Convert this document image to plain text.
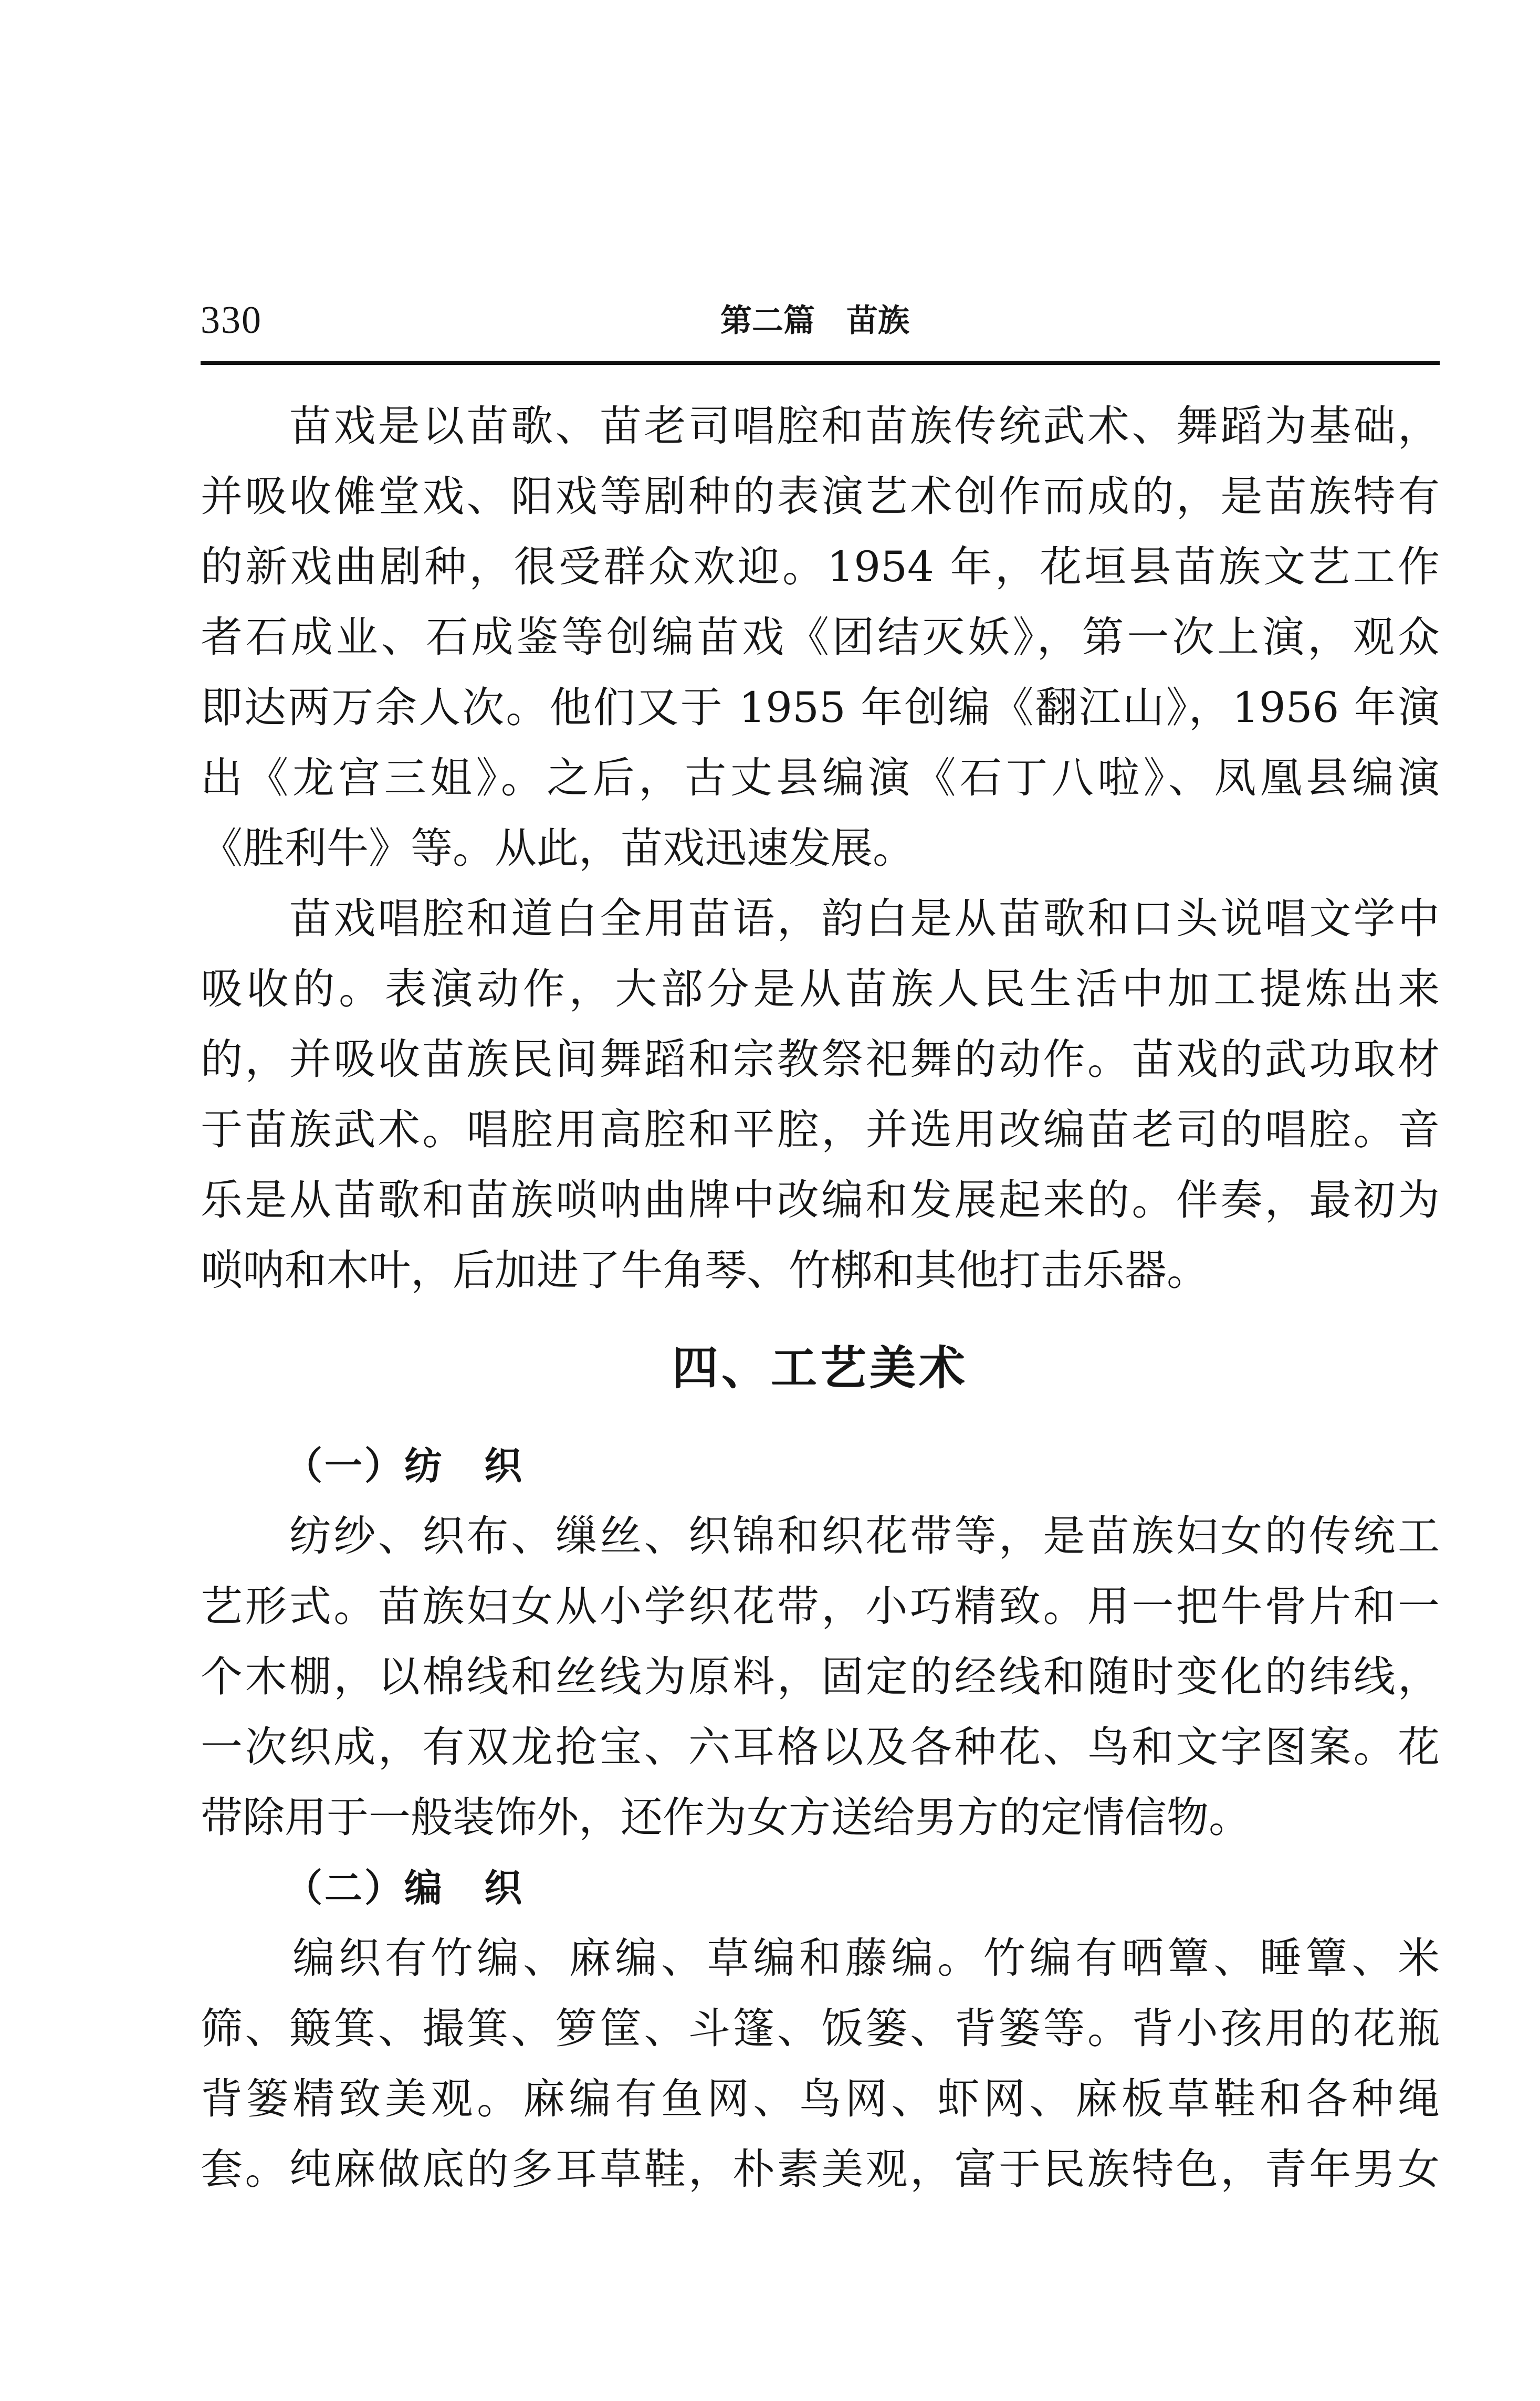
330	第二篇　苗族
　　苗戏是以苗歌、苗老司唱腔和苗族传统武术、舞蹈为基础，
并吸收傩堂戏、阳戏等剧种的表演艺术创作而成的，是苗族特有
的新戏曲剧种，很受群众欢迎。1954 年，花垣县苗族文艺工作
者石成业、石成鉴等创编苗戏《团结灭妖》，第一次上演，观众
即达两万余人次。他们又于 1955 年创编《翻江山》，1956 年演
出《龙宫三姐》。之后，古丈县编演《石丁八啦》、凤凰县编演
《胜利牛》等。从此，苗戏迅速发展。
　　苗戏唱腔和道白全用苗语，韵白是从苗歌和口头说唱文学中
吸收的。表演动作，大部分是从苗族人民生活中加工提炼出来
的，并吸收苗族民间舞蹈和宗教祭祀舞的动作。苗戏的武功取材
于苗族武术。唱腔用高腔和平腔，并选用改编苗老司的唱腔。音
乐是从苗歌和苗族唢呐曲牌中改编和发展起来的。伴奏，最初为
唢呐和木叶，后加进了牛角琴、竹梆和其他打击乐器。
四、工艺美术
（一）纺　织
　　纺纱、织布、缫丝、织锦和织花带等，是苗族妇女的传统工
艺形式。苗族妇女从小学织花带，小巧精致。用一把牛骨片和一
个木棚，以棉线和丝线为原料，固定的经线和随时变化的纬线，
一次织成，有双龙抢宝、六耳格以及各种花、鸟和文字图案。花
带除用于一般装饰外，还作为女方送给男方的定情信物。
（二）编　织
　　编织有竹编、麻编、草编和藤编。竹编有晒簟、睡簟、米
筛、簸箕、撮箕、箩筐、斗篷、饭篓、背篓等。背小孩用的花瓶
背篓精致美观。麻编有鱼网、鸟网、虾网、麻板草鞋和各种绳
套。纯麻做底的多耳草鞋，朴素美观，富于民族特色，青年男女
